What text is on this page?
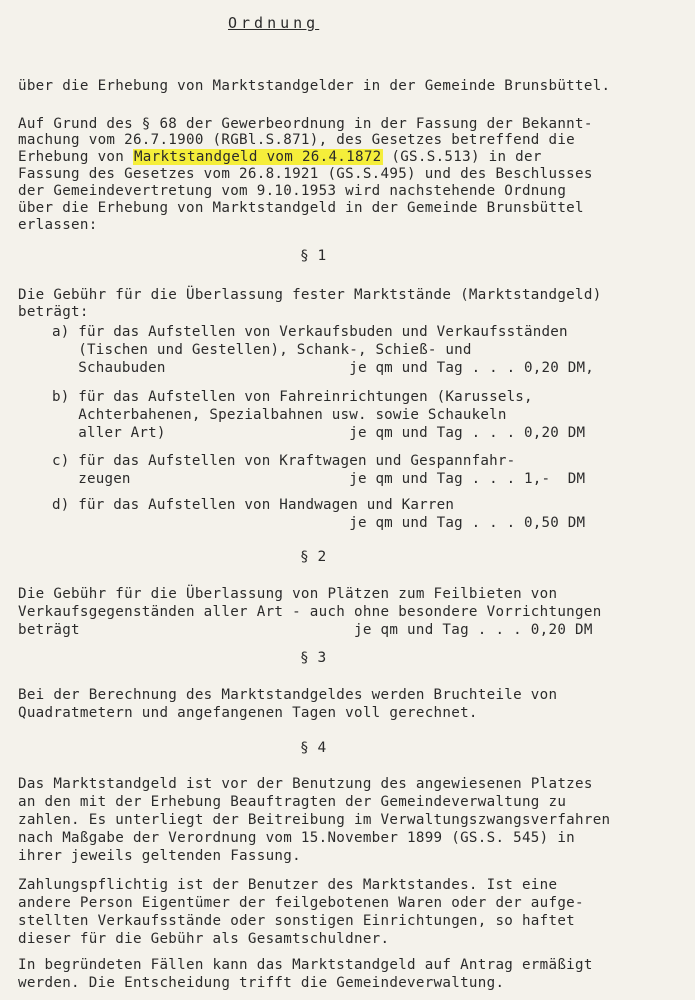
Ordnung
über die Erhebung von Marktstandgelder in der Gemeinde Brunsbüttel.
Auf Grund des § 68 der Gewerbeordnung in der Fassung der Bekannt-
machung vom 26.7.1900 (RGBl.S.871), des Gesetzes betreffend die
Erhebung von Marktstandgeld vom 26.4.1872 (GS.S.513) in der
Fassung des Gesetzes vom 26.8.1921 (GS.S.495) und des Beschlusses
der Gemeindevertretung vom 9.10.1953 wird nachstehende Ordnung
über die Erhebung von Marktstandgeld in der Gemeinde Brunsbüttel
erlassen:
§ 1
Die Gebühr für die Überlassung fester Marktstände (Marktstandgeld)
beträgt:
a) für das Aufstellen von Verkaufsbuden und Verkaufsständen
(Tischen und Gestellen), Schank-, Schieß- und
Schaubuden                     je qm und Tag . . . 0,20 DM,
b) für das Aufstellen von Fahreinrichtungen (Karussels,
Achterbahenen, Spezialbahnen usw. sowie Schaukeln
aller Art)                     je qm und Tag . . . 0,20 DM
c) für das Aufstellen von Kraftwagen und Gespannfahr-
zeugen                         je qm und Tag . . . 1,-  DM
d) für das Aufstellen von Handwagen und Karren
je qm und Tag . . . 0,50 DM
§ 2
Die Gebühr für die Überlassung von Plätzen zum Feilbieten von
Verkaufsgegenständen aller Art - auch ohne besondere Vorrichtungen
beträgt                               je qm und Tag . . . 0,20 DM
§ 3
Bei der Berechnung des Marktstandgeldes werden Bruchteile von
Quadratmetern und angefangenen Tagen voll gerechnet.
§ 4
Das Marktstandgeld ist vor der Benutzung des angewiesenen Platzes
an den mit der Erhebung Beauftragten der Gemeindeverwaltung zu
zahlen. Es unterliegt der Beitreibung im Verwaltungszwangsverfahren
nach Maßgabe der Verordnung vom 15.November 1899 (GS.S. 545) in
ihrer jeweils geltenden Fassung.
Zahlungspflichtig ist der Benutzer des Marktstandes. Ist eine
andere Person Eigentümer der feilgebotenen Waren oder der aufge-
stellten Verkaufsstände oder sonstigen Einrichtungen, so haftet
dieser für die Gebühr als Gesamtschuldner.
In begründeten Fällen kann das Marktstandgeld auf Antrag ermäßigt
werden. Die Entscheidung trifft die Gemeindeverwaltung.
